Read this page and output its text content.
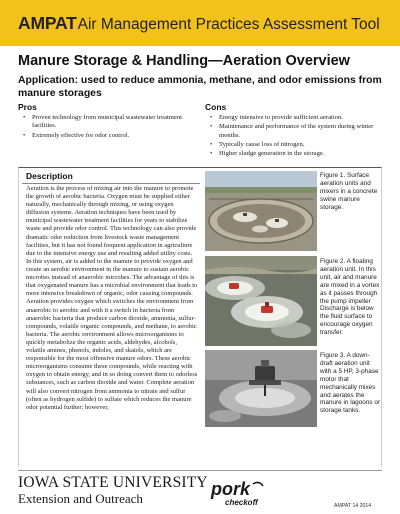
AMPATAir Management Practices Assessment Tool
Manure Storage & Handling—Aeration Overview
Application: used to reduce ammonia, methane, and odor emissions from manure storages
Pros
• Proven technology from municipal wastewater treatment facilities.
• Extremely effective for odor control.
Cons
• Energy intensive to provide sufficient aeration.
• Maintenance and performance of the system during winter months.
• Typically cause loss of nitrogen.
• Higher sludge generation in the storage.
Description

Aeration is the process of mixing air into the manure to promote the growth of aerobic bacteria. Oxygen must be supplied either naturally, mechanically through mixing, or using oxygen diffusion systems. Aeration techniques have been used by municipal wastewater treatment facilities for years to stabilize waste and provide odor control. This technology can also provide dramatic odor reduction from livestock waste management facilities, but it has not found frequent application in agriculture due to the intensive energy use and resulting added utility costs.

In this system, air is added to the manure to provide oxygen and create an aerobic environment in the manure to sustain aerobic microbes instead of anaerobic microbes. The advantage of this is that oxygenated manure has a microbial environment that leads to more intensive breakdown of organic, odor causing compounds. Aeration provides oxygen which switches the environment from anaerobic to aerobic and with it a switch in bacteria from anaerobic bacteria that produce carbon dioxide, ammonia, sulfur-compounds, volatile organic compounds, and methane, to aerobic bacteria. The aerobic environment allows microorganisms to quickly metabolize the organic acids, aldehydes, alcohols, volatile amines, phenols, indoles, and skatols, which are responsible for the most offensive manure odors. These aerobic microorganisms consume these compounds, while reacting with oxygen to obtain energy, and in so doing convert them to odorless substances, such as carbon dioxide and water. Complete aeration will also convert nitrogen from ammonia to nitrate and sulfur (often as hydrogen sulfide) to sulfate which reduces the manure odor potential further; however,

Figure 1. Surface aeration units and mixers in a concrete swine manure storage.
Figure 2. A floating aeration unit. In this unit, air and manure are mixed in a vortex as it passes through the pump impeller Discharge is below the fluid surface to encourage oxygen transfer.
Figure 3. A down-draft aeration unit with a 5 HP, 3-phase motor that mechanically mixes and aerates the manure in lagoons or storage tanks.
IOWA STATE UNIVERSITY
Extension and Outreach	pork
checkoff	AMPAT 14 2014
